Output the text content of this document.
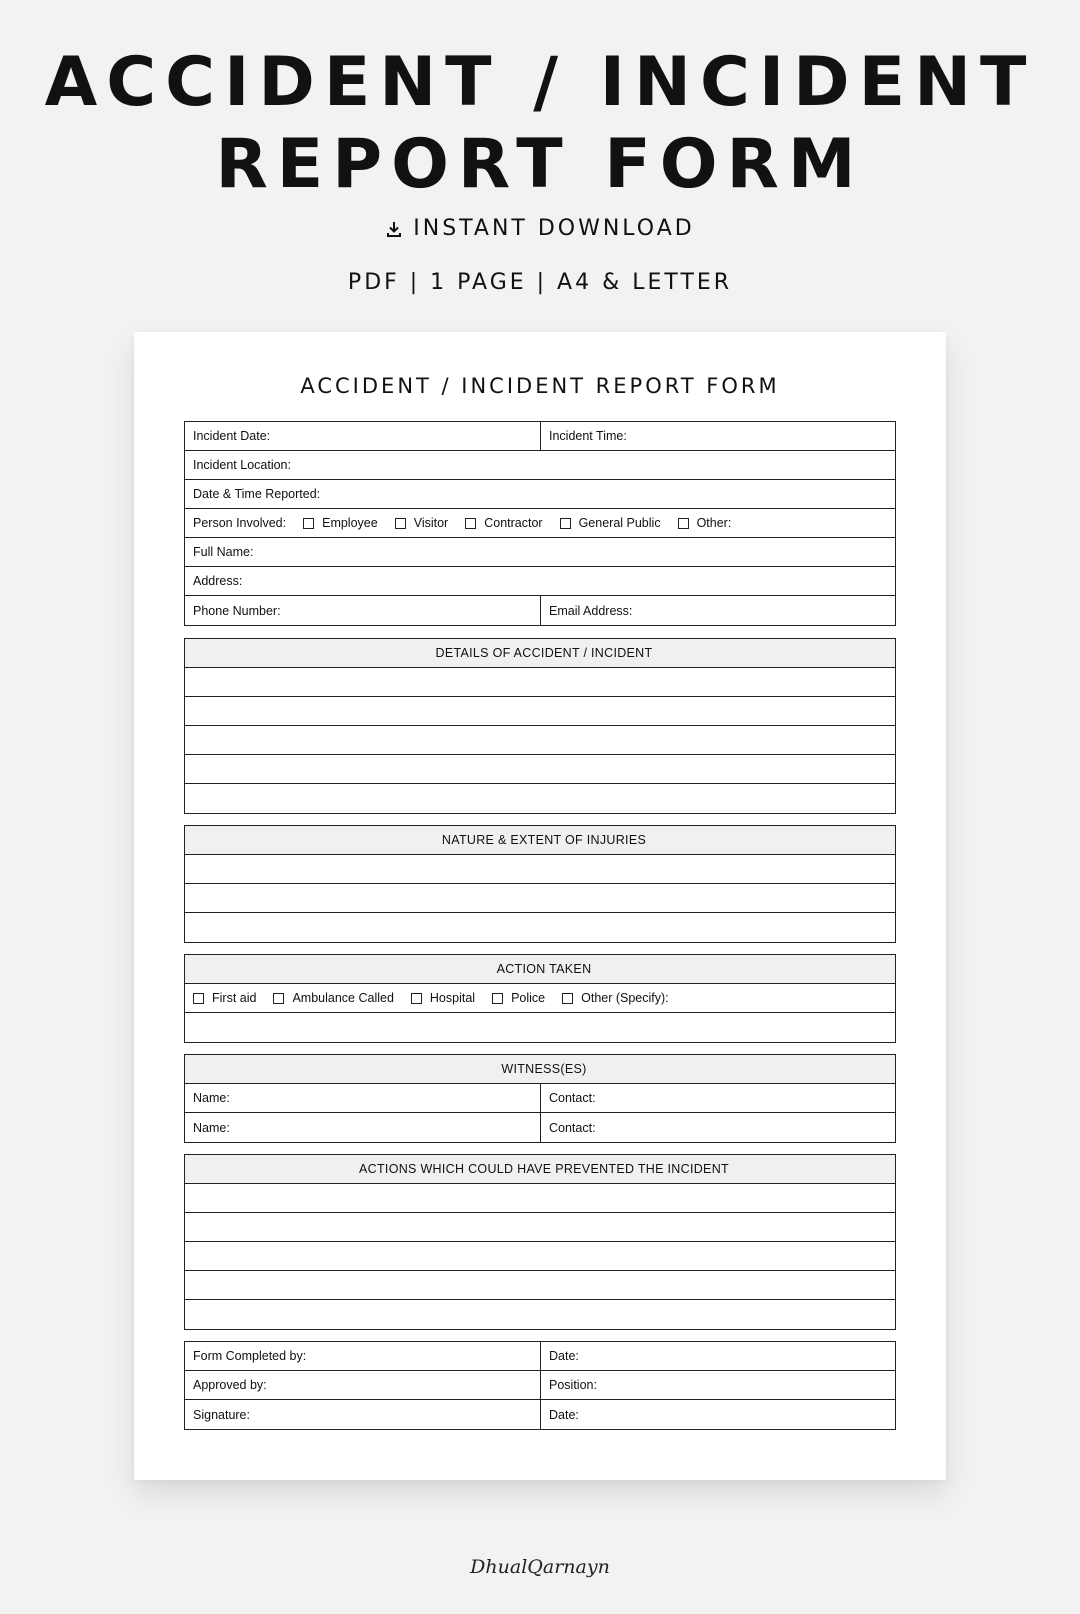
ACCIDENT / INCIDENT
REPORT FORM
INSTANT DOWNLOAD
PDF | 1 PAGE | A4 & LETTER
ACCIDENT / INCIDENT REPORT FORM
Incident Date:	Incident Time:
Incident Location:
Date & Time Reported:
Person Involved:	Employee	Visitor	Contractor	General Public	Other:
Full Name:
Address:
Phone Number:	Email Address:
DETAILS OF ACCIDENT / INCIDENT
NATURE & EXTENT OF INJURIES
ACTION TAKEN
First aid	Ambulance Called	Hospital	Police	Other (Specify):
WITNESS(ES)
Name:	Contact:
Name:	Contact:
ACTIONS WHICH COULD HAVE PREVENTED THE INCIDENT
Form Completed by:	Date:
Approved by:	Position:
Signature:	Date:
DhualQarnayn
